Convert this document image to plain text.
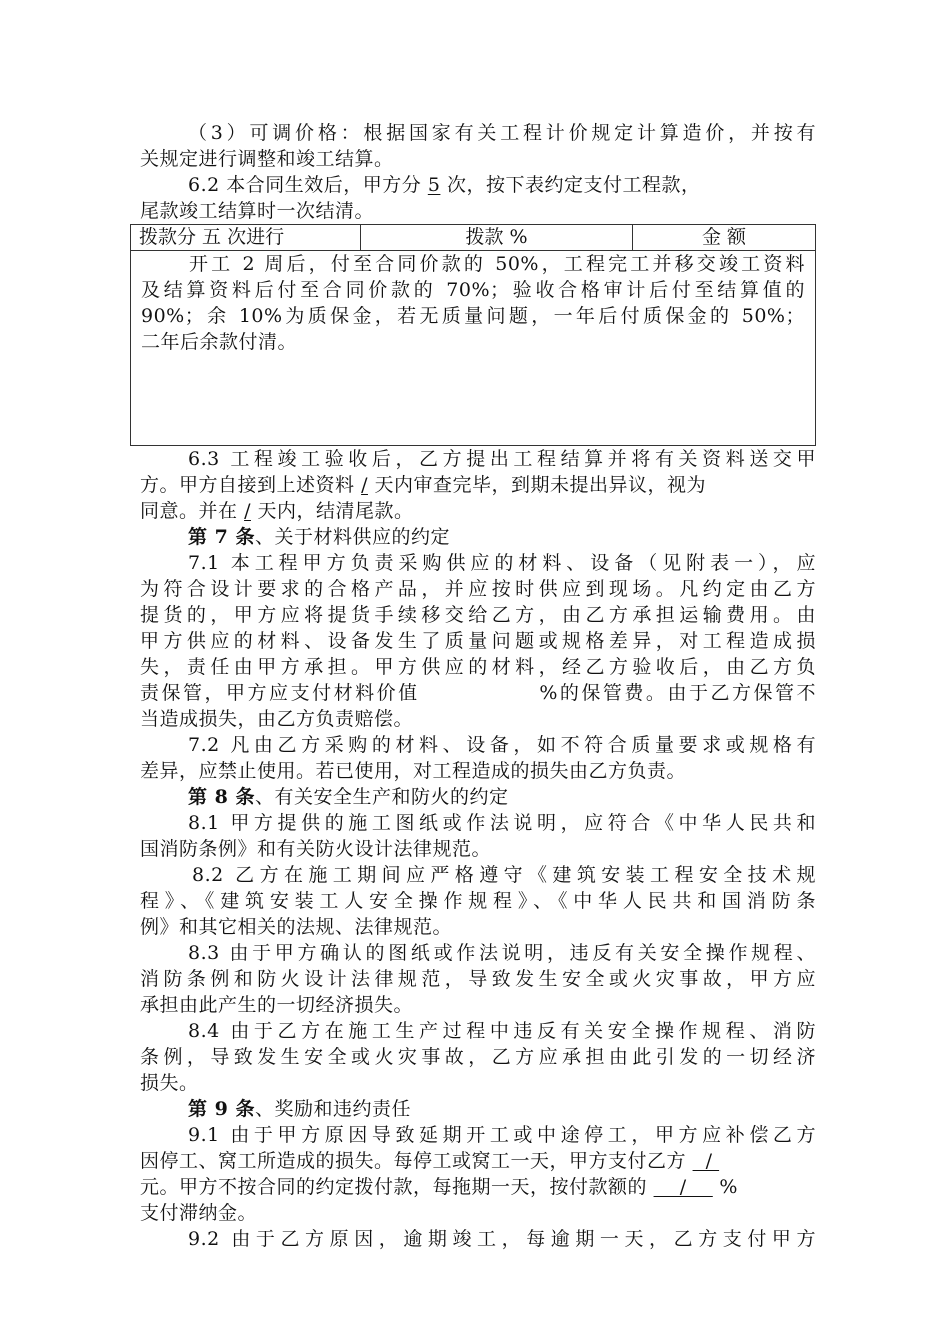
（3）可调价格：根据国家有关工程计价规定计算造价，并按有
关规定进行调整和竣工结算。
6.2 本合同生效后，甲方分 5 次，按下表约定支付工程款，
尾款竣工结算时一次结清。
拨款分 五 次进行	拨款 %	金 额
开工 2 周后，付至合同价款的 50%，工程完工并移交竣工资料
及结算资料后付至合同价款的 70%；验收合格审计后付至结算值的
90%；余 10%为质保金，若无质量问题，一年后付质保金的 50%；
二年后余款付清。
6.3 工程竣工验收后，乙方提出工程结算并将有关资料送交甲
方。甲方自接到上述资料 / 天内审查完毕，到期未提出异议，视为
同意。并在 / 天内，结清尾款。
第 7 条、关于材料供应的约定
7.1 本工程甲方负责采购供应的材料、设备（见附表一），应
为符合设计要求的合格产品，并应按时供应到现场。凡约定由乙方
提货的，甲方应将提货手续移交给乙方，由乙方承担运输费用。由
甲方供应的材料、设备发生了质量问题或规格差异，对工程造成损
失，责任由甲方承担。甲方供应的材料，经乙方验收后，由乙方负
责保管，甲方应支付材料价值              %的保管费。由于乙方保管不
当造成损失，由乙方负责赔偿。
7.2 凡由乙方采购的材料、设备，如不符合质量要求或规格有
差异，应禁止使用。若已使用，对工程造成的损失由乙方负责。
第 8 条、有关安全生产和防火的约定
8.1 甲方提供的施工图纸或作法说明，应符合《中华人民共和
国消防条例》和有关防火设计法律规范。
8.2 乙方在施工期间应严格遵守《建筑安装工程安全技术规
程》、《建筑安装工人安全操作规程》、《中华人民共和国消防条
例》和其它相关的法规、法律规范。
8.3 由于甲方确认的图纸或作法说明，违反有关安全操作规程、
消防条例和防火设计法律规范，导致发生安全或火灾事故，甲方应
承担由此产生的一切经济损失。
8.4 由于乙方在施工生产过程中违反有关安全操作规程、消防
条例，导致发生安全或火灾事故，乙方应承担由此引发的一切经济
损失。
第 9 条、奖励和违约责任
9.1 由于甲方原因导致延期开工或中途停工，甲方应补偿乙方
因停工、窝工所造成的损失。每停工或窝工一天，甲方支付乙方   /
元。甲方不按合同的约定拨付款，每拖期一天，按付款额的     /     %
支付滞纳金。
9.2 由于乙方原因，逾期竣工，每逾期一天，乙方支付甲方
